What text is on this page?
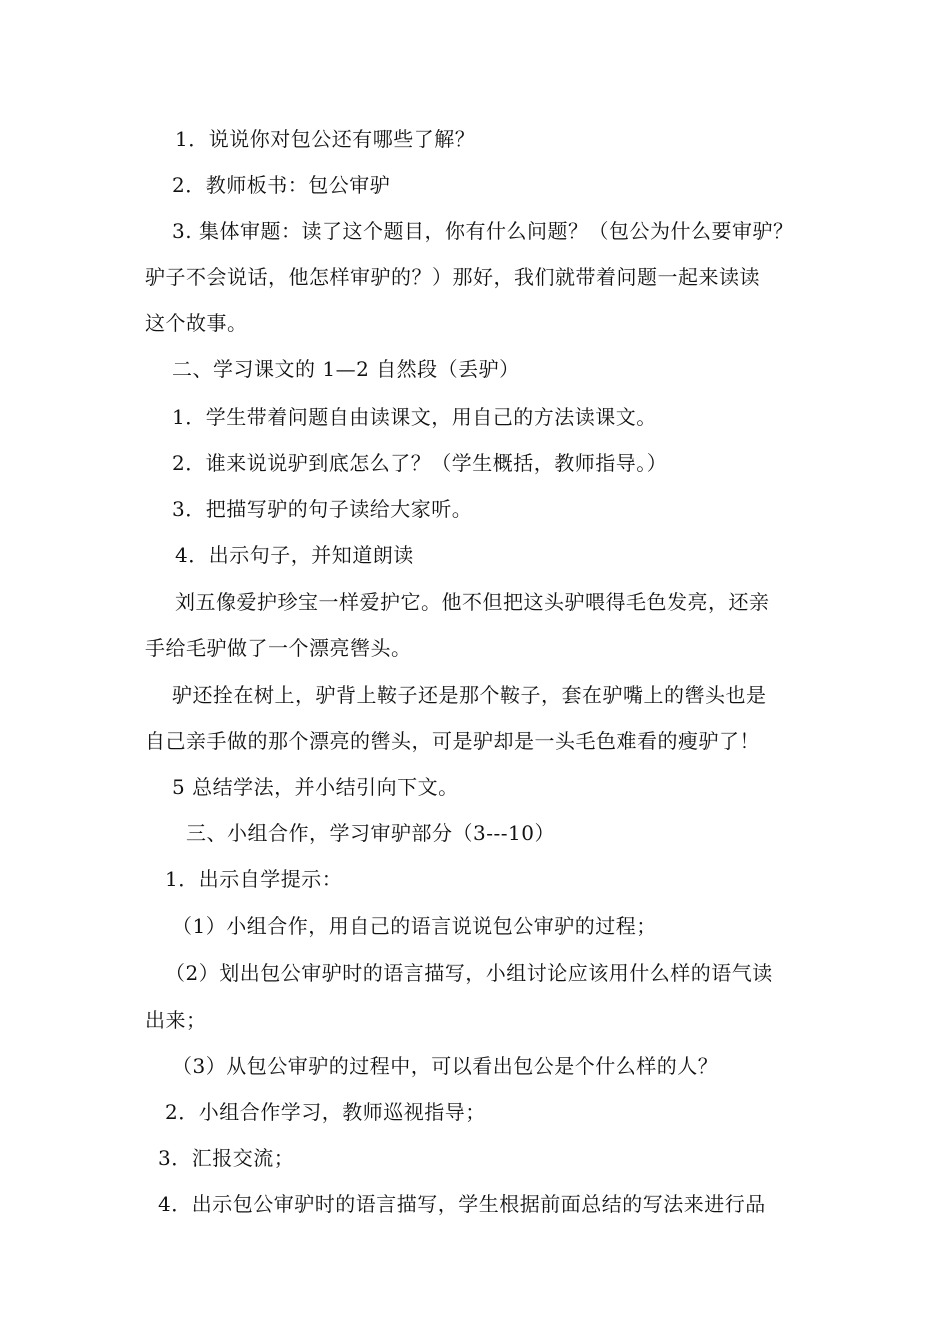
1．说说你对包公还有哪些了解？
2．教师板书：包公审驴
3. 集体审题：读了这个题目，你有什么问题？（包公为什么要审驴？
驴子不会说话，他怎样审驴的？）那好，我们就带着问题一起来读读
这个故事。
二、学习课文的 1—2 自然段（丢驴）
1．学生带着问题自由读课文，用自己的方法读课文。
2．谁来说说驴到底怎么了？（学生概括，教师指导。）
3．把描写驴的句子读给大家听。
4．出示句子，并知道朗读
刘五像爱护珍宝一样爱护它。他不但把这头驴喂得毛色发亮，还亲
手给毛驴做了一个漂亮辔头。
驴还拴在树上，驴背上鞍子还是那个鞍子，套在驴嘴上的辔头也是
自己亲手做的那个漂亮的辔头，可是驴却是一头毛色难看的瘦驴了！
5 总结学法，并小结引向下文。
三、小组合作，学习审驴部分（3---10）
1．出示自学提示：
（1）小组合作，用自己的语言说说包公审驴的过程；
（2）划出包公审驴时的语言描写，小组讨论应该用什么样的语气读
出来；
（3）从包公审驴的过程中，可以看出包公是个什么样的人？
2．小组合作学习，教师巡视指导；
3．汇报交流；
4．出示包公审驴时的语言描写，学生根据前面总结的写法来进行品
